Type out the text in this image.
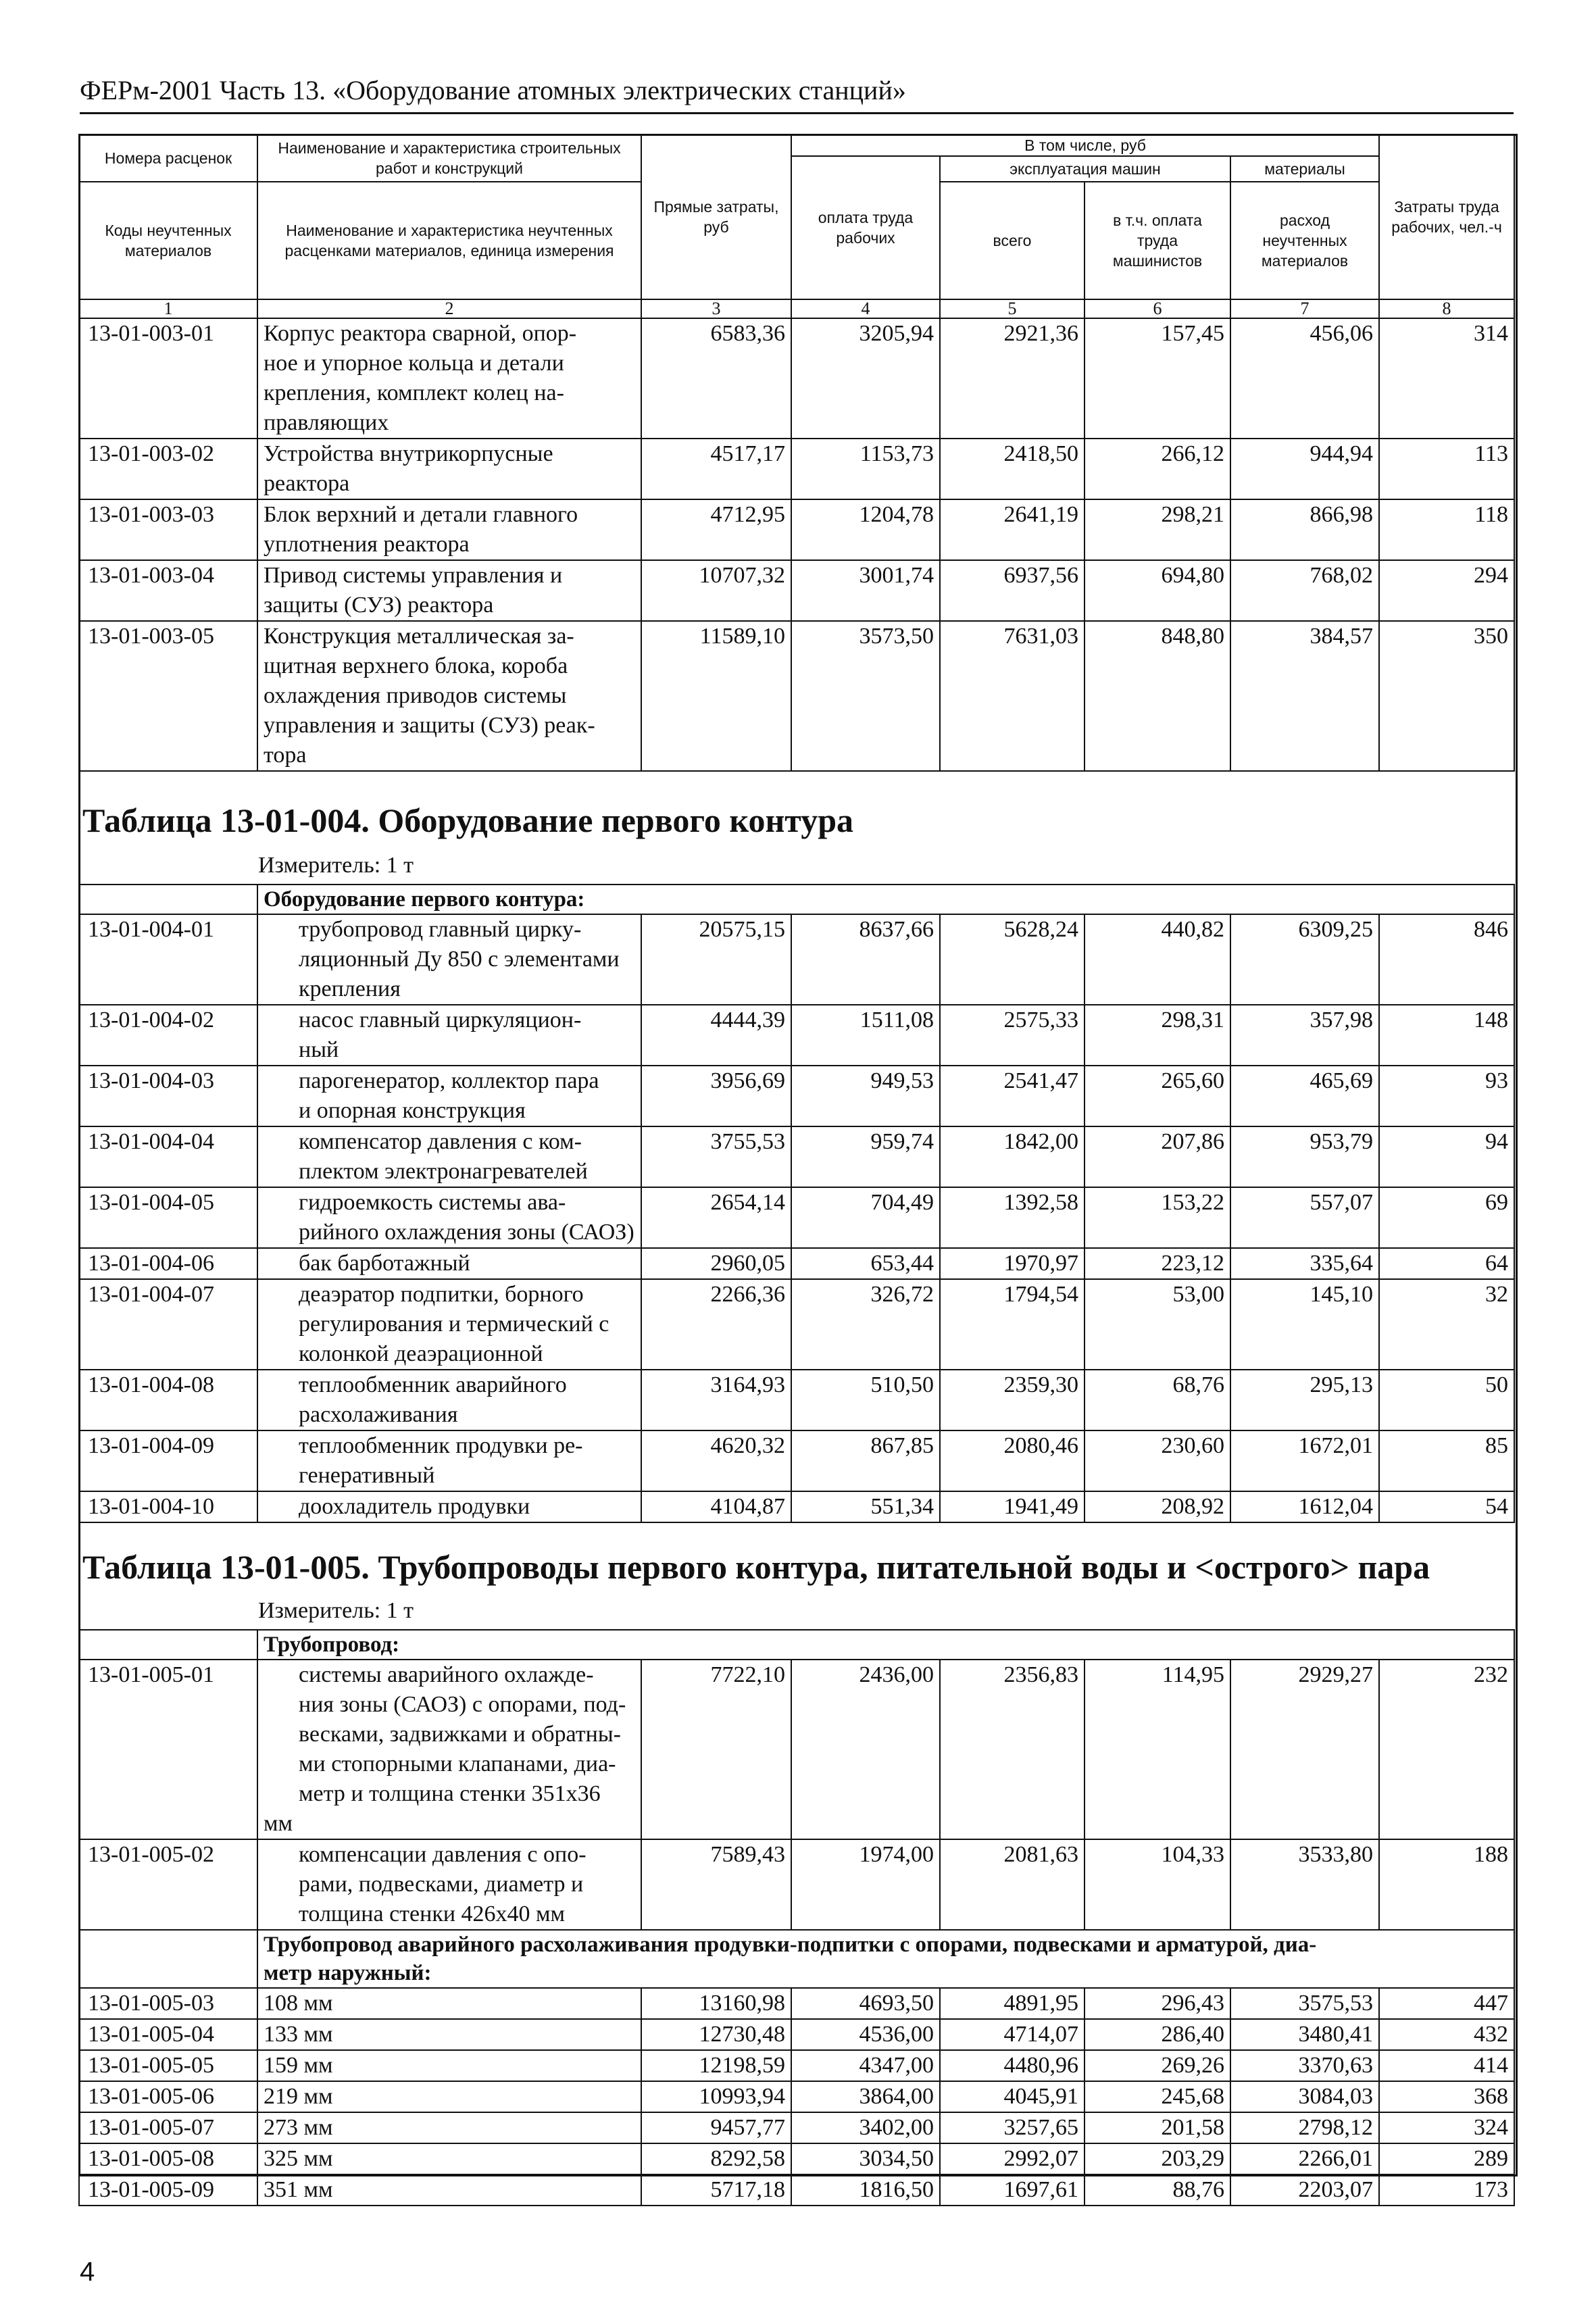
ФЕРм-2001 Часть 13. «Оборудование атомных электрических станций»
Номера расценок	Наименование и характеристика строительных работ и конструкций	Прямые затраты, руб	В том числе, руб				Затраты труда рабочих, чел.-ч
			оплата труда рабочих	эксплуатация машин		материалы	
Коды неучтенных материалов	Наименование и характеристика неучтенных расценками материалов, единица измерения			всего	в т.ч. оплата труда машинистов	расход неучтенных материалов	

1	2	3	4	5	6	7	8
13-01-003-01	Корпус реактора сварной, опор-
ное и упорное кольца и детали
крепления, комплект колец на-
правляющих	6583,36	3205,94	2921,36	157,45	456,06	314
13-01-003-02	Устройства внутрикорпусные
реактора	4517,17	1153,73	2418,50	266,12	944,94	113
13-01-003-03	Блок верхний и детали главного
уплотнения реактора	4712,95	1204,78	2641,19	298,21	866,98	118
13-01-003-04	Привод системы управления и
защиты (СУЗ) реактора	10707,32	3001,74	6937,56	694,80	768,02	294
13-01-003-05	Конструкция металлическая за-
щитная верхнего блока, короба
охлаждения приводов системы
управления и защиты (СУЗ) реак-
тора	11589,10	3573,50	7631,03	848,80	384,57	350
Таблица 13-01-004. Оборудование первого контура
Измеритель: 1 т
	Оборудование первого контура:						
13-01-004-01	трубопровод главный цирку-
ляционный Ду 850 с элементами
крепления	20575,15	8637,66	5628,24	440,82	6309,25	846
13-01-004-02	насос главный циркуляцион-
ный	4444,39	1511,08	2575,33	298,31	357,98	148
13-01-004-03	парогенератор, коллектор пара
и опорная конструкция	3956,69	949,53	2541,47	265,60	465,69	93
13-01-004-04	компенсатор давления с ком-
плектом электронагревателей	3755,53	959,74	1842,00	207,86	953,79	94
13-01-004-05	гидроемкость системы ава-
рийного охлаждения зоны (САОЗ)	2654,14	704,49	1392,58	153,22	557,07	69
13-01-004-06	бак барботажный	2960,05	653,44	1970,97	223,12	335,64	64
13-01-004-07	деаэратор подпитки, борного
регулирования и термический с
колонкой деаэрационной	2266,36	326,72	1794,54	53,00	145,10	32
13-01-004-08	теплообменник аварийного
расхолаживания	3164,93	510,50	2359,30	68,76	295,13	50
13-01-004-09	теплообменник продувки ре-
генеративный	4620,32	867,85	2080,46	230,60	1672,01	85
13-01-004-10	доохладитель продувки	4104,87	551,34	1941,49	208,92	1612,04	54
Таблица 13-01-005. Трубопроводы первого контура, питательной воды и <острого> пара
Измеритель: 1 т
	Трубопровод:						
13-01-005-01	системы аварийного охлажде-
ния зоны (САОЗ) с опорами, под-
весками, задвижками и обратны-
ми стопорными клапанами, диа-
метр и толщина стенки 351х36 мм	7722,10	2436,00	2356,83	114,95	2929,27	232
13-01-005-02	компенсации давления с опо-
рами, подвесками, диаметр и
толщина стенки 426х40 мм	7589,43	1974,00	2081,63	104,33	3533,80	188

	Трубопровод аварийного расхолаживания продувки-подпитки с опорами, подвесками и арматурой, диа-
метр наружный:						

13-01-005-03	108 мм	13160,98	4693,50	4891,95	296,43	3575,53	447
13-01-005-04	133 мм	12730,48	4536,00	4714,07	286,40	3480,41	432
13-01-005-05	159 мм	12198,59	4347,00	4480,96	269,26	3370,63	414
13-01-005-06	219 мм	10993,94	3864,00	4045,91	245,68	3084,03	368
13-01-005-07	273 мм	9457,77	3402,00	3257,65	201,58	2798,12	324
13-01-005-08	325 мм	8292,58	3034,50	2992,07	203,29	2266,01	289
13-01-005-09	351 мм	5717,18	1816,50	1697,61	88,76	2203,07	173
4
